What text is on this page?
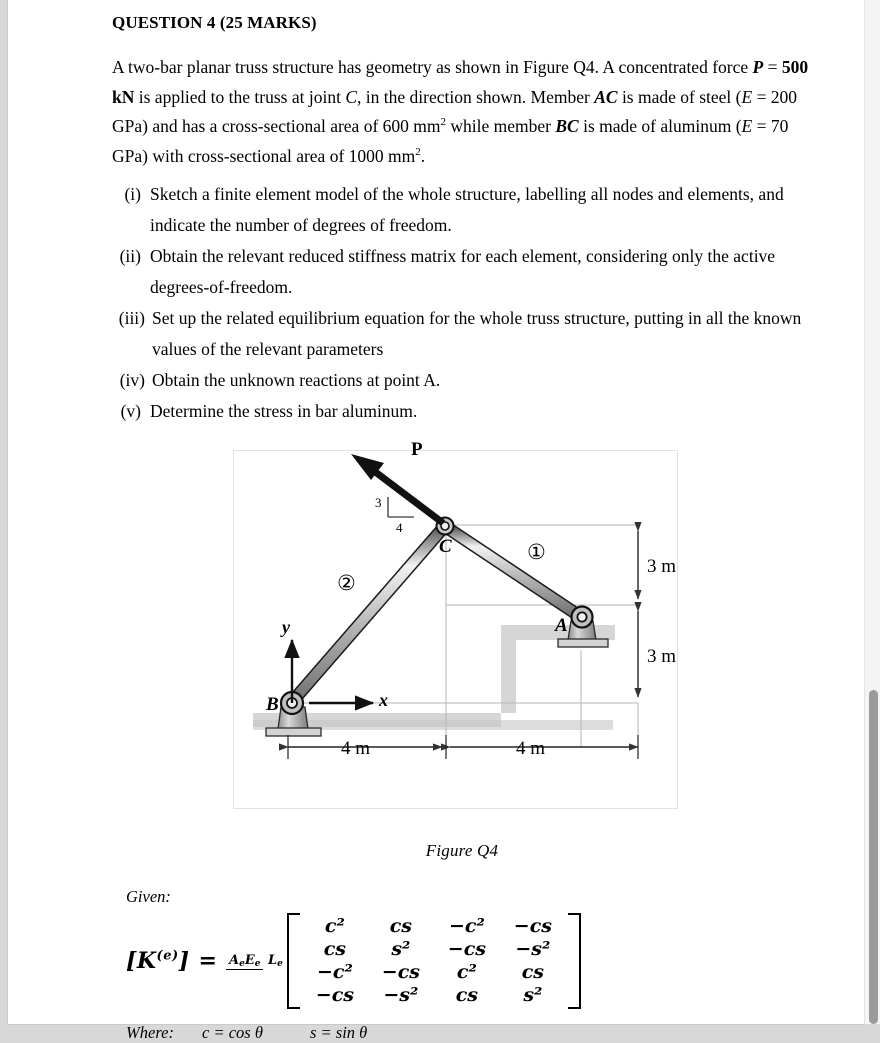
QUESTION 4 (25 MARKS)
A two-bar planar truss structure has geometry as shown in Figure Q4. A concentrated force P = 500 kN is applied to the truss at joint C, in the direction shown. Member AC is made of steel (E = 200 GPa) and has a cross-sectional area of 600 $mm^2$ while member BC is made of aluminum (E = 70 GPa) with cross-sectional area of 1000 $mm^2$.
(i) Sketch a finite element model of the whole structure, labelling all nodes and elements, and indicate the number of degrees of freedom.
(ii) Obtain the relevant reduced stiffness matrix for each element, considering only the active degrees-of-freedom.
(iii) Set up the related equilibrium equation for the whole truss structure, putting in all the known values of the relevant parameters
(iv) Obtain the unknown reactions at point A.
(v) Determine the stress in bar aluminum.
P
3
4
C
A
B	x
y
①
②
3 m
3 m
4 m	4 m
Figure Q4
Given:
$[K^{(e)}] = A_eE_e$ $L_e$
c²	cs	−c²	−cs
cs	s²	−cs	−s²
−c²	−cs	c²	cs
−cs	−s²	cs	s²
Where:	c = cos θ	s = sin θ
